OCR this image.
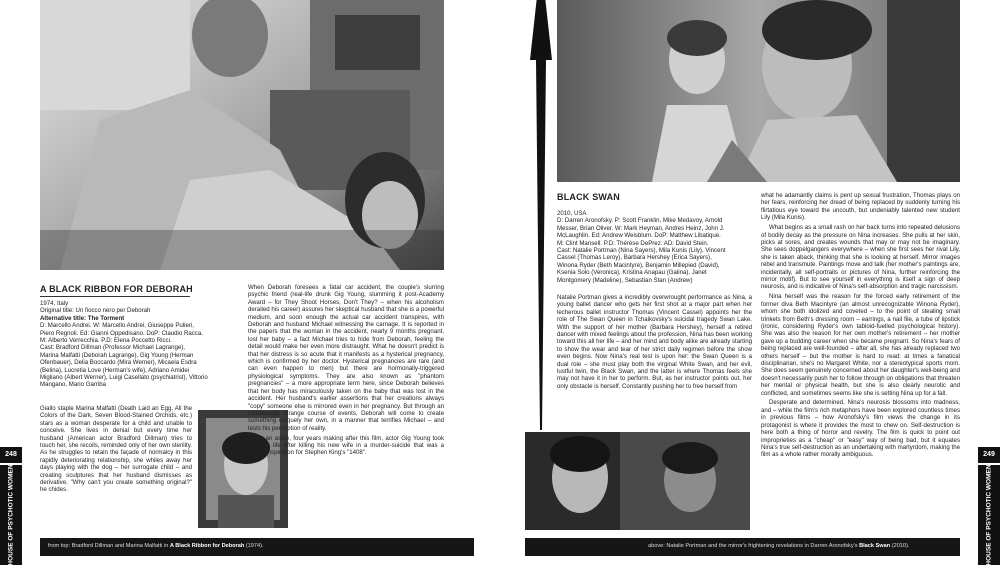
A BLACK RIBBON FOR DEBORAH
1974, Italy
Original title: Un fiocco nero per Deborah
Alternative title: The Torment
D: Marcello Andrei. W: Marcello Andrei, Giuseppe Pulieri,
Piero Regnoli. Ed: Gianni Oppedisano. DoP: Claudio Racca.
M: Alberto Verrecchia. P.D: Elena Poccetto Ricci.
Cast: Bradford Dillman (Professor Michael Lagrange),
Marina Malfatti (Deborah Lagrange), Gig Young (Herman
Ofenbauer), Delia Boccardo (Mira Werner), Micaela Esdra
(Belina), Lucretia Love (Herman's wife), Adriano Amidei
Migliano (Albert Werner), Luigi Casellato (psychiatrist), Vittorio
Mangano, Mario Garriba

Giallo staple Marina Malfatti (Death Laid an Egg, All the Colors of the Dark, Seven Blood-Stained Orchids, etc.) stars as a woman desperate for a child and unable to conceive. She lives in denial but every time her husband (American actor Bradford Dillman) tries to touch her, she recoils, reminded only of her own sterility. As he struggles to retain the façade of normalcy in this rapidly deteriorating relationship, she whiles away her days playing with the dog – her surrogate child – and creating sculptures that her husband dismisses as derivative. "Why can't you create something original?" he chides.

When Deborah foresees a fatal car accident, the couple's slurring psychic friend (real-life drunk Gig Young, slumming it post-Academy Award – for They Shoot Horses, Don't They? – when his alcoholism derailed his career) assures her skeptical husband that she is a powerful medium, and soon enough the actual car accident transpires, with Deborah and husband Michael witnessing the carnage. It is reported in the papers that the woman in the accident, nearly 9 months pregnant, lost her baby – a fact Michael tries to hide from Deborah, feeling the detail would make her even more distraught. What he doesn't predict is that her distress is so acute that it manifests as a hysterical pregnancy, which is confirmed by her doctor. Hysterical pregnancies are rare (and can even happen to men) but there are hormonally-triggered physiological symptoms. They are also known as "phantom pregnancies" – a more appropriate term here, since Deborah believes that her body has miraculously taken on the baby that was lost in the accident. Her husband's earlier assertions that her creations always "copy" someone else is mirrored even in her pregnancy. But through an increasingly strange course of events, Deborah will come to create something uniquely her own, in a manner that terrifies Michael – and tests his perception of reality.

As an aside, four years making after this film, actor Gig Young took his own life after killing his new wife in a murder-suicide that was a partial inspiration for Stephen King's "1408".

248
HOUSE OF PSYCHOTIC WOMEN	from top: Bradford Dillman and Marina Malfatti in A Black Ribbon for Deborah (1974).
BLACK SWAN
2010, USA
D: Darren Aronofsky. P: Scott Franklin, Mike Medavoy, Arnold
Messer, Brian Oliver. W: Mark Heyman, Andres Heinz, John J.
McLaughlin. Ed: Andrew Weisblum. DoP: Matthew Libatique.
M: Clint Mansell. P.D: Thérèse DePrez. AD: David Stein.
Cast: Natalie Portman (Nina Sayers), Mila Kunis (Lily), Vincent
Cassel (Thomas Leroy), Barbara Hershey (Erica Sayers),
Winona Ryder (Beth Macintyre), Benjamin Millepied (David),
Ksenia Solo (Veronica), Kristina Anapau (Galina), Janet
Montgomery (Madeline), Sebastian Stan (Andrew)

Natalie Portman gives a incredibly overwrought performance as Nina, a young ballet dancer who gets her first shot at a major part when her lecherous ballet instructor Thomas (Vincent Cassel) appoints her the role of The Swan Queen in Tchaikovsky's suicidal tragedy Swan Lake. With the support of her mother (Barbara Hershey), herself a retired dancer with mixed feelings about the profession, Nina has been working toward this all her life – and her mind and body alike are already starting to show the wear and tear of her strict daily regimen before the show even begins. Now Nina's real test is upon her: the Swan Queen is a dual role – she must play both the virginal White Swan, and her evil, lustful twin, the Black Swan, and the latter is where Thomas feels she may not have it in her to perform. But, as her instructor points out, her only obstacle is herself. Constantly pushing her to free herself from

what he adamantly claims is pent up sexual frustration, Thomas plays on her fears, reinforcing her dread of being replaced by suddenly turning his flirtatious eye toward the uncouth, but undeniably talented new student Lily (Mila Kunis).

What begins as a small rash on her back turns into repeated delusions of bodily decay as the pressure on Nina increases. She pulls at her skin, picks at sores, and creates wounds that may or may not be imaginary. She sees doppelgangers everywhere – when she first sees her rival Lily, she is taken aback, thinking that she is looking at herself. Mirror images rebel and transmute. Paintings move and talk (her mother's paintings are, incidentally, all self-portraits or pictures of Nina, further reinforcing the mirror motif). But to see yourself in everything is itself a sign of deep neurosis, and is indicative of Nina's self-absorption and tragic narcissism.

Nina herself was the reason for the forced early retirement of the former diva Beth Macintyre (an almost unrecognizable Winona Ryder), whom she both idolized and coveted – to the point of stealing small trinkets from Beth's dressing room – earrings, a nail file, a tube of lipstick (ironic, considering Ryder's own tabloid-fuelled psychological history). She was also the reason for her own mother's retirement – her mother gave up a budding career when she became pregnant. So Nina's fears of being replaced are well-founded – after all, she has already replaced two others herself – but the mother is hard to read: at times a fanatical disciplinarian, she's no Margaret White, nor a stereotypical sports mom. She does seem genuinely concerned about her daughter's well-being and doesn't necessarily push her to follow through on obligations that threaten her mental or physical health, but she is also clearly neurotic and conflicted, and sometimes seems like she is setting Nina up for a fall.

Desperate and determined, Nina's neurosis blossoms into madness, and – while the film's rich metaphors have been explored countless times in previous films – how Aronofsky's film views the change in its protagonist is where it provides the most to chew on. Self-destruction is here both a thing of horror and revelry. The film is quick to point out improprieties as a "cheap" or "easy" way of being bad, but it equates Nina's true self-destruction as an undertaking with martyrdom, making the film as a whole rather morally ambiguous.	249
HOUSE OF PSYCHOTIC WOMEN
above: Natalie Portman and the mirror's frightening revelations in Darren Aronofsky's Black Swan (2010).
